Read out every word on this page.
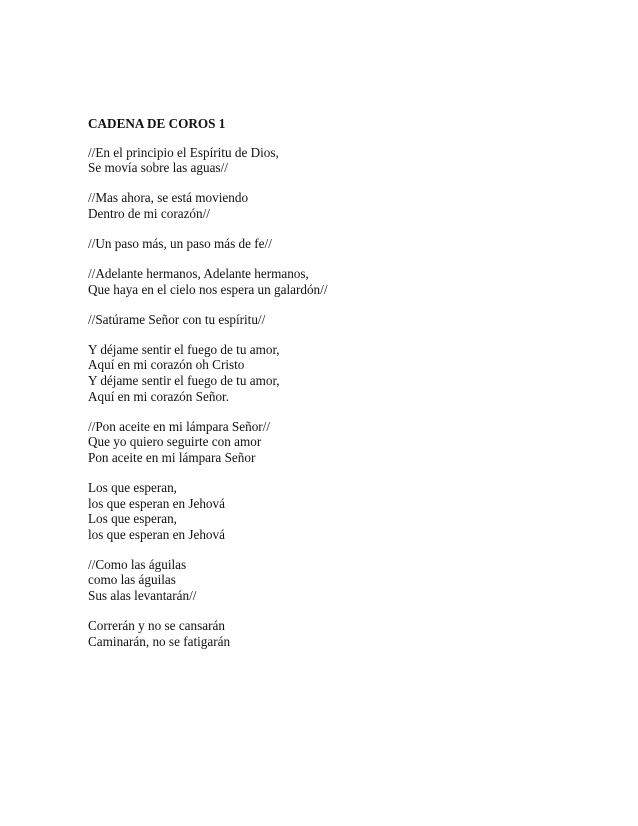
CADENA DE COROS 1
//En el principio el Espíritu de Dios,
Se movía sobre las aguas//
//Mas ahora, se está moviendo
Dentro de mi corazón//
//Un paso más, un paso más de fe//
//Adelante hermanos, Adelante hermanos,
Que haya en el cielo nos espera un galardón//
//Satúrame Señor con tu espíritu//
Y déjame sentir el fuego de tu amor,
Aquí en mi corazón oh Cristo
Y déjame sentir el fuego de tu amor,
Aquí en mi corazón Señor.
//Pon aceite en mi lámpara Señor//
Que yo quiero seguirte con amor
Pon aceite en mi lámpara Señor
Los que esperan,
los que esperan en Jehová
Los que esperan,
los que esperan en Jehová
//Como las águilas
como las águilas
Sus alas levantarán//
Correrán y no se cansarán
Caminarán, no se fatigarán
